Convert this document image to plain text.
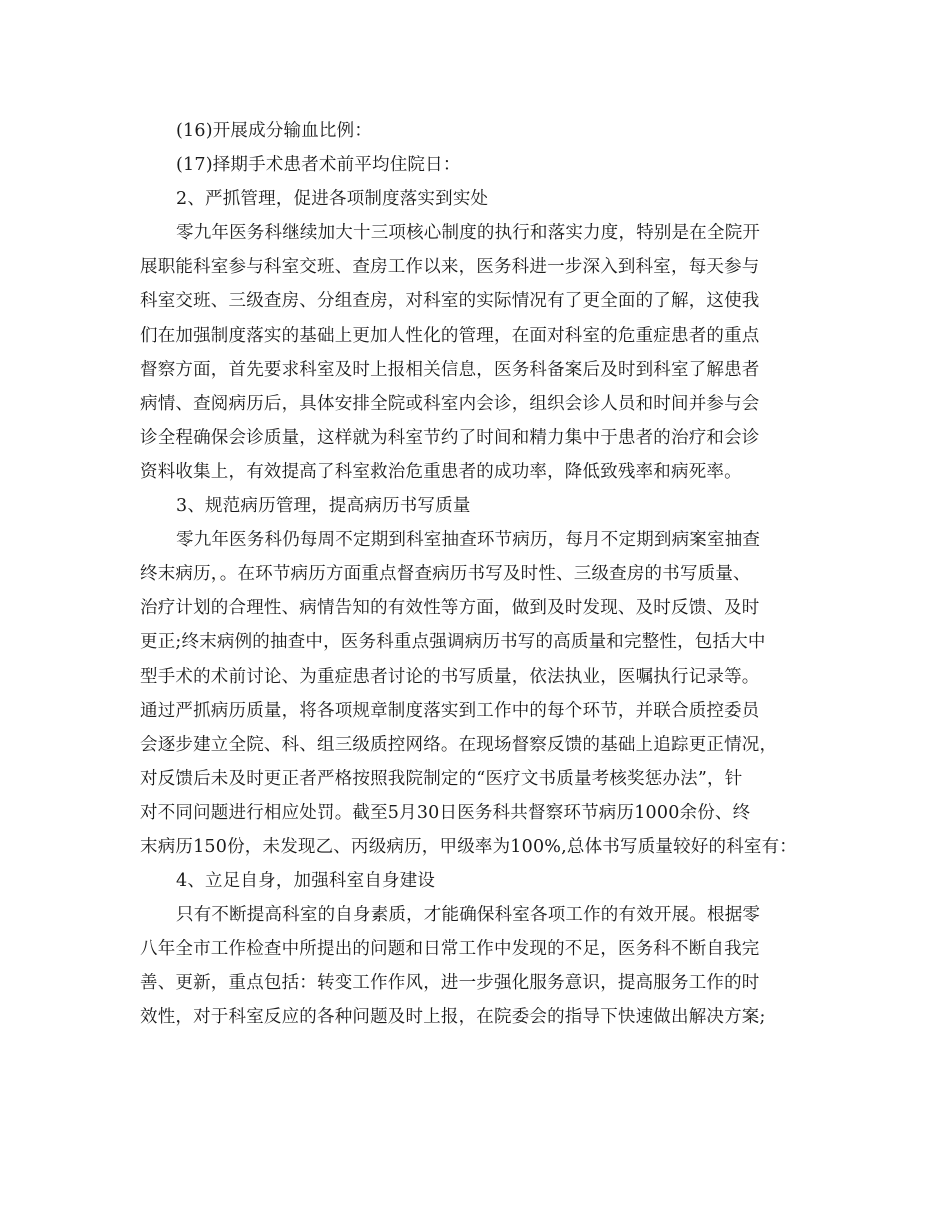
(16)开展成分输血比例：
(17)择期手术患者术前平均住院日：
2、严抓管理，促进各项制度落实到实处
零九年医务科继续加大十三项核心制度的执行和落实力度，特别是在全院开
展职能科室参与科室交班、查房工作以来，医务科进一步深入到科室，每天参与
科室交班、三级查房、分组查房，对科室的实际情况有了更全面的了解，这使我
们在加强制度落实的基础上更加人性化的管理，在面对科室的危重症患者的重点
督察方面，首先要求科室及时上报相关信息，医务科备案后及时到科室了解患者
病情、查阅病历后，具体安排全院或科室内会诊，组织会诊人员和时间并参与会
诊全程确保会诊质量，这样就为科室节约了时间和精力集中于患者的治疗和会诊
资料收集上，有效提高了科室救治危重患者的成功率，降低致残率和病死率。
3、规范病历管理，提高病历书写质量
零九年医务科仍每周不定期到科室抽查环节病历，每月不定期到病案室抽查
终末病历，。在环节病历方面重点督查病历书写及时性、三级查房的书写质量、
治疗计划的合理性、病情告知的有效性等方面，做到及时发现、及时反馈、及时
更正;终末病例的抽查中，医务科重点强调病历书写的高质量和完整性，包括大中
型手术的术前讨论、为重症患者讨论的书写质量，依法执业，医嘱执行记录等。
通过严抓病历质量，将各项规章制度落实到工作中的每个环节，并联合质控委员
会逐步建立全院、科、组三级质控网络。在现场督察反馈的基础上追踪更正情况，
对反馈后未及时更正者严格按照我院制定的“医疗文书质量考核奖惩办法”，针
对不同问题进行相应处罚。截至5月30日医务科共督察环节病历1000余份、终
末病历150份，未发现乙、丙级病历，甲级率为100%,总体书写质量较好的科室有：
4、立足自身，加强科室自身建设
只有不断提高科室的自身素质，才能确保科室各项工作的有效开展。根据零
八年全市工作检查中所提出的问题和日常工作中发现的不足，医务科不断自我完
善、更新，重点包括：转变工作作风，进一步强化服务意识，提高服务工作的时
效性，对于科室反应的各种问题及时上报，在院委会的指导下快速做出解决方案;
